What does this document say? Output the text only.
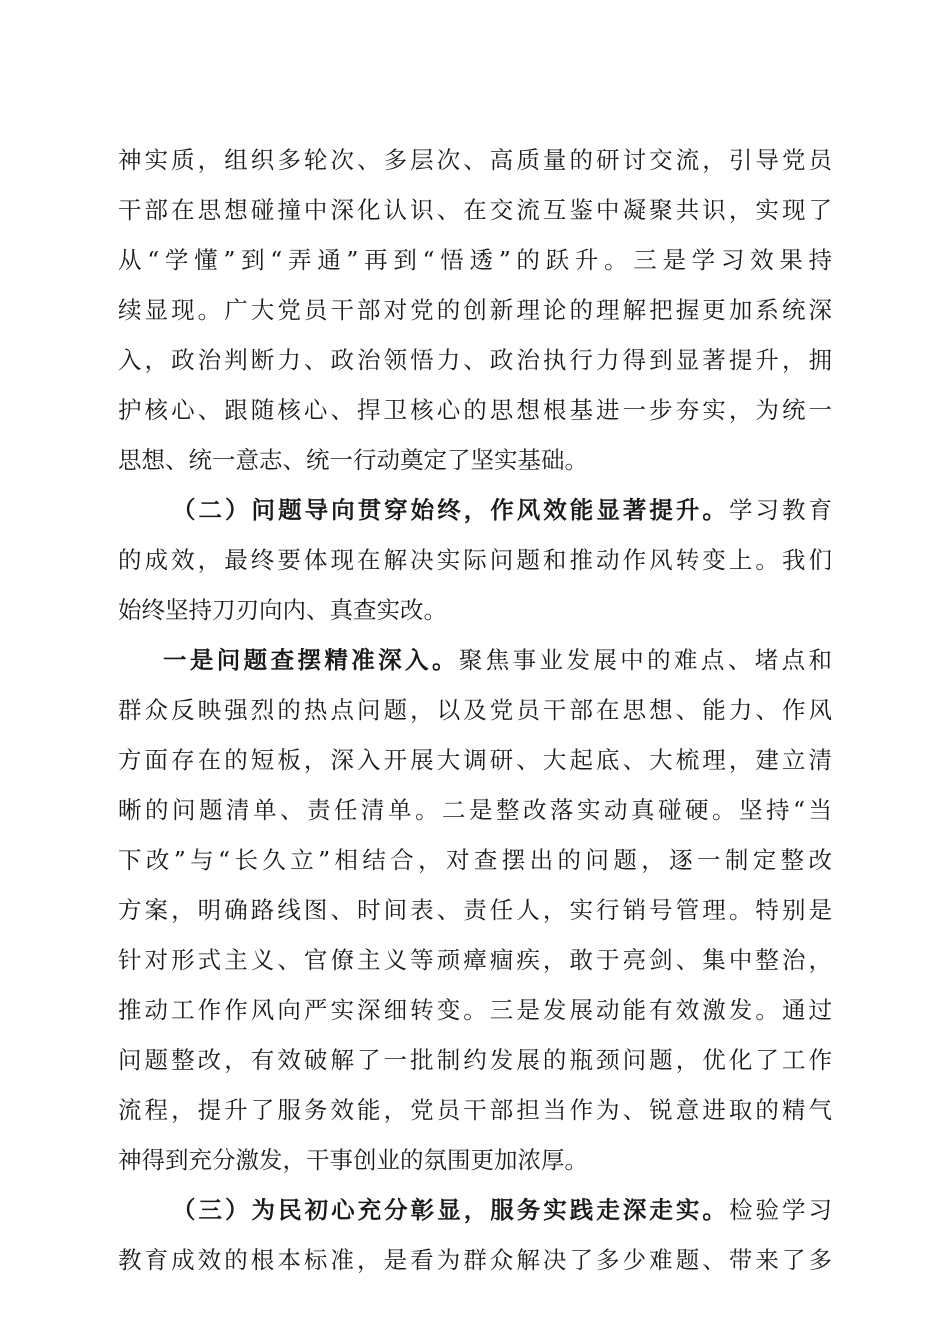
神实质，组织多轮次、多层次、高质量的研讨交流，引导党员
干部在思想碰撞中深化认识、在交流互鉴中凝聚共识，实现了
从“学懂”到“弄通”再到“悟透”的跃升。三是学习效果持
续显现。广大党员干部对党的创新理论的理解把握更加系统深
入，政治判断力、政治领悟力、政治执行力得到显著提升，拥
护核心、跟随核心、捍卫核心的思想根基进一步夯实，为统一
思想、统一意志、统一行动奠定了坚实基础。
（二）问题导向贯穿始终，作风效能显著提升。学习教育
的成效，最终要体现在解决实际问题和推动作风转变上。我们
始终坚持刀刃向内、真查实改。
一是问题查摆精准深入。聚焦事业发展中的难点、堵点和
群众反映强烈的热点问题，以及党员干部在思想、能力、作风
方面存在的短板，深入开展大调研、大起底、大梳理，建立清
晰的问题清单、责任清单。二是整改落实动真碰硬。坚持“当
下改”与“长久立”相结合，对查摆出的问题，逐一制定整改
方案，明确路线图、时间表、责任人，实行销号管理。特别是
针对形式主义、官僚主义等顽瘴痼疾，敢于亮剑、集中整治，
推动工作作风向严实深细转变。三是发展动能有效激发。通过
问题整改，有效破解了一批制约发展的瓶颈问题，优化了工作
流程，提升了服务效能，党员干部担当作为、锐意进取的精气
神得到充分激发，干事创业的氛围更加浓厚。
（三）为民初心充分彰显，服务实践走深走实。检验学习
教育成效的根本标准，是看为群众解决了多少难题、带来了多
